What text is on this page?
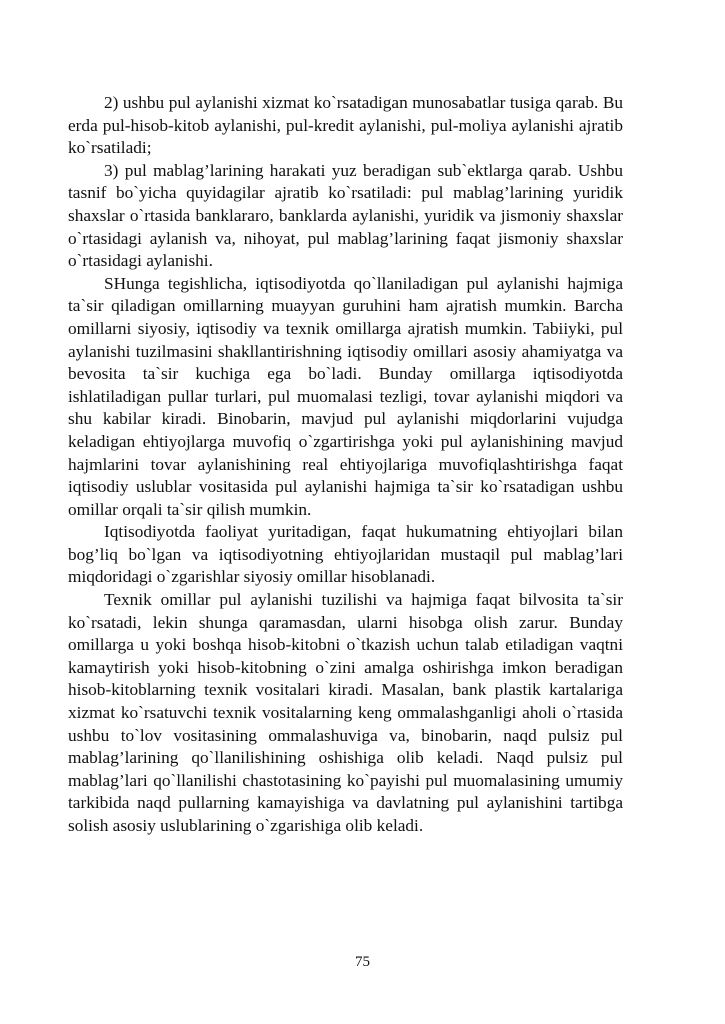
2) ushbu pul aylanishi xizmat ko`rsatadigan munosabatlar tusiga qarab. Bu erda pul-hisob-kitob aylanishi, pul-kredit aylanishi, pul-moliya aylanishi ajratib ko`rsatiladi;

3) pul mablag’larining harakati yuz beradigan sub`ektlarga qarab. Ushbu tasnif bo`yicha quyidagilar ajratib ko`rsatiladi: pul mablag’larining yuridik shaxslar o`rtasida banklararo, banklarda aylanishi, yuridik va jismoniy shaxslar o`rtasidagi aylanish va, nihoyat, pul mablag’larining faqat jismoniy shaxslar o`rtasidagi aylanishi.

SHunga tegishlicha, iqtisodiyotda qo`llaniladigan pul aylanishi hajmiga ta`sir qiladigan omillarning muayyan guruhini ham ajratish mumkin. Barcha omillarni siyosiy, iqtisodiy va texnik omillarga ajratish mumkin. Tabiiyki, pul aylanishi tuzilmasini shakllantirishning iqtisodiy omillari asosiy ahamiyatga va bevosita ta`sir kuchiga ega bo`ladi. Bunday omillarga iqtisodiyotda ishlatiladigan pullar turlari, pul muomalasi tezligi, tovar aylanishi miqdori va shu kabilar kiradi. Binobarin, mavjud pul aylanishi miqdorlarini vujudga keladigan ehtiyojlarga muvofiq o`zgartirishga yoki pul aylanishining mavjud hajmlarini tovar aylanishining real ehtiyojlariga muvofiqlashtirishga faqat iqtisodiy uslublar vositasida pul aylanishi hajmiga ta`sir ko`rsatadigan ushbu omillar orqali ta`sir qilish mumkin.

Iqtisodiyotda faoliyat yuritadigan, faqat hukumatning ehtiyojlari bilan bog’liq bo`lgan va iqtisodiyotning ehtiyojlaridan mustaqil pul mablag’lari miqdoridagi o`zgarishlar siyosiy omillar hisoblanadi.

Texnik omillar pul aylanishi tuzilishi va hajmiga faqat bilvosita ta`sir ko`rsatadi, lekin shunga qaramasdan, ularni hisobga olish zarur. Bunday omillarga u yoki boshqa hisob-kitobni o`tkazish uchun talab etiladigan vaqtni kamaytirish yoki hisob-kitobning o`zini amalga oshirishga imkon beradigan hisob-kitoblarning texnik vositalari kiradi. Masalan, bank plastik kartalariga xizmat ko`rsatuvchi texnik vositalarning keng ommalashganligi aholi o`rtasida ushbu to`lov vositasining ommalashuviga va, binobarin, naqd pulsiz pul mablag’larining qo`llanilishining oshishiga olib keladi. Naqd pulsiz pul mablag’lari qo`llanilishi chastotasining ko`payishi pul muomalasining umumiy tarkibida naqd pullarning kamayishiga va davlatning pul aylanishini tartibga solish asosiy uslublarining o`zgarishiga olib keladi.

75
